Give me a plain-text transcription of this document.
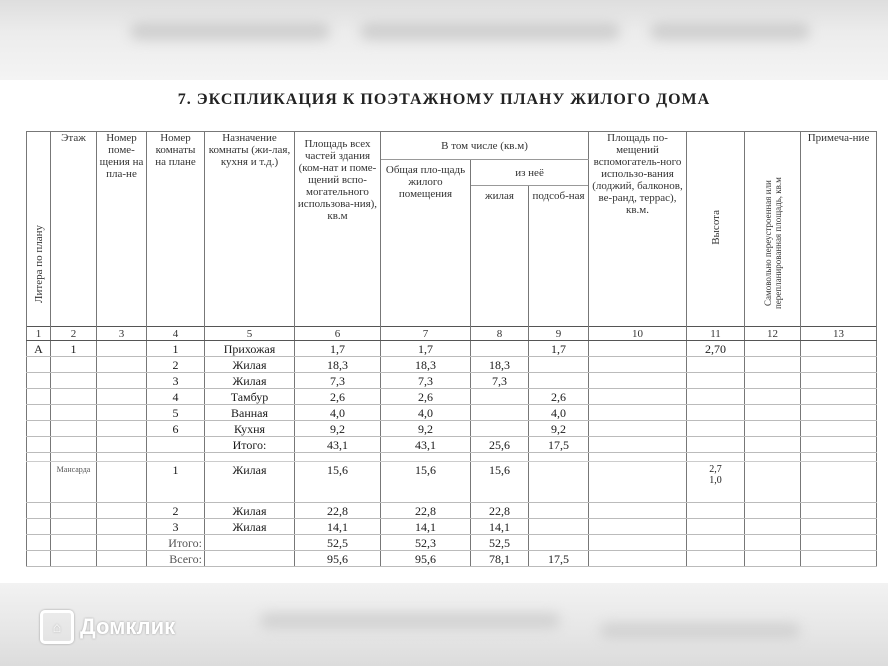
7. ЭКСПЛИКАЦИЯ К ПОЭТАЖНОМУ ПЛАНУ ЖИЛОГО ДОМА
Литера по плану	Этаж	Номер поме-щения на пла-не	Номер комнаты на плане	Назначение комнаты (жи-лая, кухня и т.д.)	Площадь всех частей здания (ком-нат и поме-щений вспо-могательного использова-ния), кв.м	В том числе (кв.м)			Площадь по-мещений вспомогатель-ного использо-вания (лоджий, балконов, ве-ранд, террас), кв.м.	Высота	Самовольно переустроенная или перепланированная площадь, кв.м	Примеча-ние
						Общая пло-щадь жилого помещения	из неё					
							жилая	подсоб-ная				
1	2	3	4	5	6	7	8	9	10	11	12	13
А	1		1	Прихожая	1,7	1,7		1,7		2,70		
			2	Жилая	18,3	18,3	18,3					
			3	Жилая	7,3	7,3	7,3					
			4	Тамбур	2,6	2,6		2,6				
			5	Ванная	4,0	4,0		4,0				
			6	Кухня	9,2	9,2		9,2				
				Итого:	43,1	43,1	25,6	17,5				

	Мансарда		1	Жилая	15,6	15,6	15,6			2,7
1,0		

			2	Жилая	22,8	22,8	22,8					
			3	Жилая	14,1	14,1	14,1					
			Итого:		52,5	52,3	52,5					
			Всего:		95,6	95,6	78,1	17,5				
⌂ Домклик
